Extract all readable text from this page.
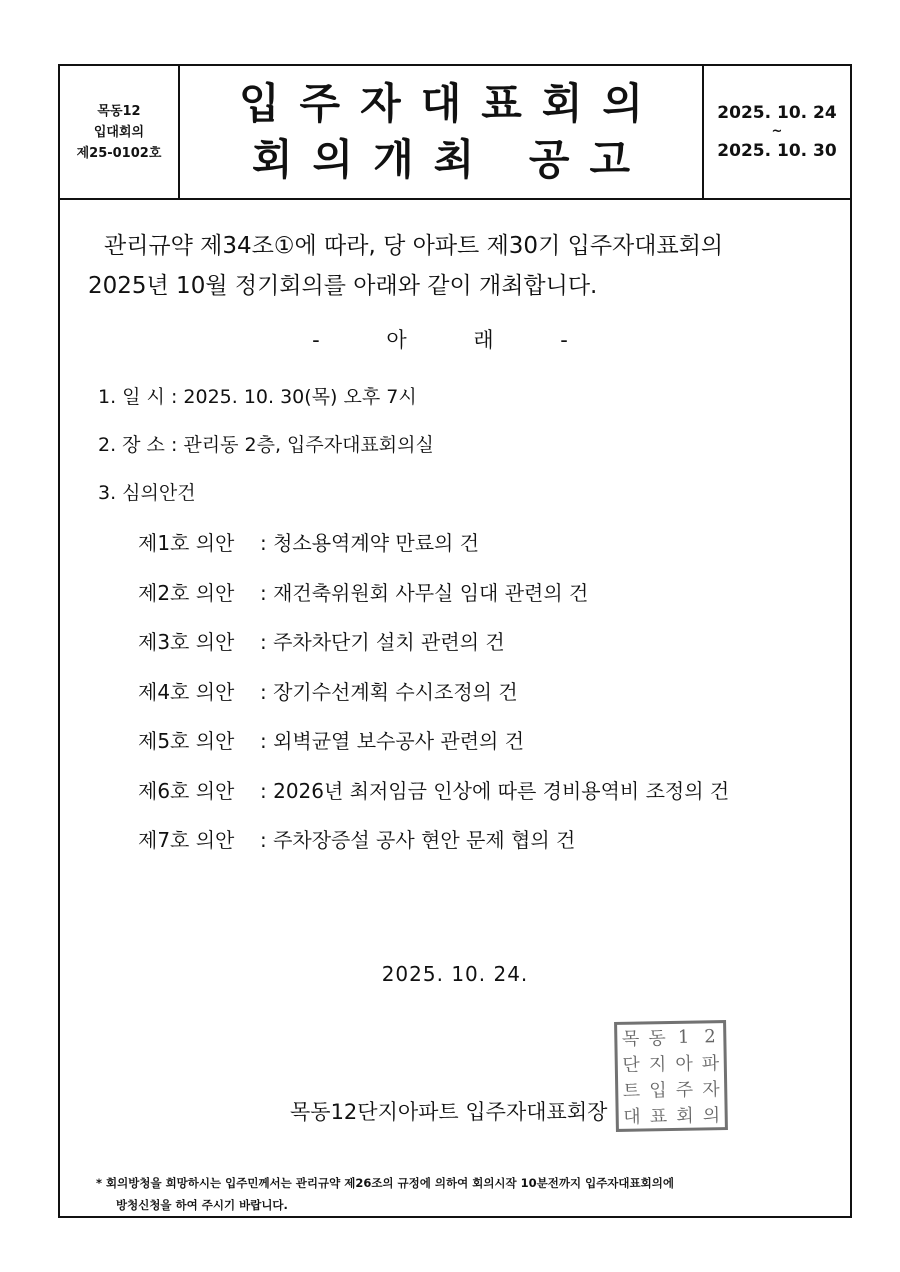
목동12
입대회의
제25-0102호
입주자대표회의
회의개최 공고
2025. 10. 24
~
2025. 10. 30
관리규약 제34조①에 따라, 당 아파트 제30기 입주자대표회의
2025년 10월 정기회의를 아래와 같이 개최합니다.
- 아 래 -
1. 일 시 : 2025. 10. 30(목) 오후 7시
2. 장 소 : 관리동 2층, 입주자대표회의실
3. 심의안건
제1호 의안 : 청소용역계약 만료의 건
제2호 의안 : 재건축위원회 사무실 임대 관련의 건
제3호 의안 : 주차차단기 설치 관련의 건
제4호 의안 : 장기수선계획 수시조정의 건
제5호 의안 : 외벽균열 보수공사 관련의 건
제6호 의안 : 2026년 최저임금 인상에 따른 경비용역비 조정의 건
제7호 의안 : 주차장증설 공사 현안 문제 협의 건
2025. 10. 24.
목 동 1 2
단 지 아 파
트 입 주 자
대 표 회 의
목동12단지아파트 입주자대표회장
* 회의방청을 희망하시는 입주민께서는 관리규약 제26조의 규정에 의하여 회의시작 10분전까지 입주자대표회의에
방청신청을 하여 주시기 바랍니다.
